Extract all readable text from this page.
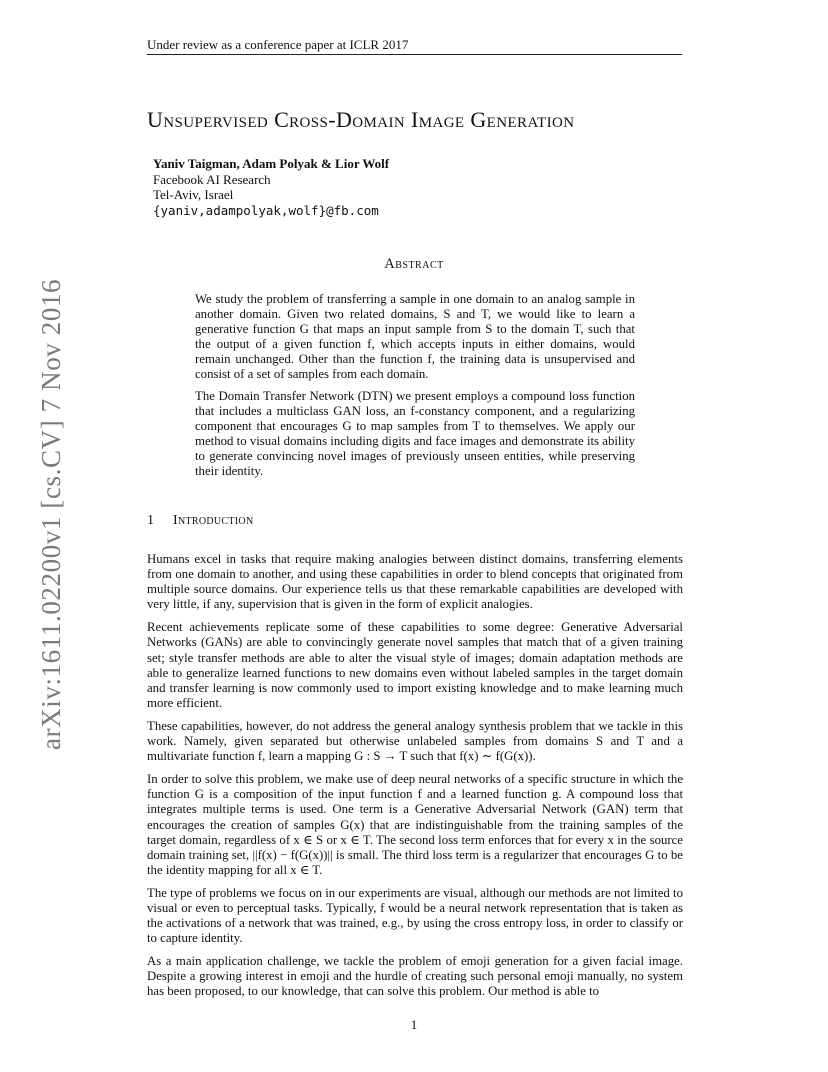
Under review as a conference paper at ICLR 2017
Unsupervised Cross-Domain Image Generation
Yaniv Taigman, Adam Polyak & Lior Wolf
Facebook AI Research
Tel-Aviv, Israel
{yaniv,adampolyak,wolf}@fb.com
Abstract

We study the problem of transferring a sample in one domain to an analog sample in another domain. Given two related domains, S and T, we would like to learn a generative function G that maps an input sample from S to the domain T, such that the output of a given function f, which accepts inputs in either domains, would remain unchanged. Other than the function f, the training data is unsupervised and consist of a set of samples from each domain.

The Domain Transfer Network (DTN) we present employs a compound loss function that includes a multiclass GAN loss, an f-constancy component, and a regularizing component that encourages G to map samples from T to themselves. We apply our method to visual domains including digits and face images and demonstrate its ability to generate convincing novel images of previously unseen entities, while preserving their identity.

1 Introduction

Humans excel in tasks that require making analogies between distinct domains, transferring elements from one domain to another, and using these capabilities in order to blend concepts that originated from multiple source domains. Our experience tells us that these remarkable capabilities are developed with very little, if any, supervision that is given in the form of explicit analogies.

Recent achievements replicate some of these capabilities to some degree: Generative Adversarial Networks (GANs) are able to convincingly generate novel samples that match that of a given training set; style transfer methods are able to alter the visual style of images; domain adaptation methods are able to generalize learned functions to new domains even without labeled samples in the target domain and transfer learning is now commonly used to import existing knowledge and to make learning much more efficient.

These capabilities, however, do not address the general analogy synthesis problem that we tackle in this work. Namely, given separated but otherwise unlabeled samples from domains S and T and a multivariate function f, learn a mapping G : S → T such that f(x) ∼ f(G(x)).

In order to solve this problem, we make use of deep neural networks of a specific structure in which the function G is a composition of the input function f and a learned function g. A compound loss that integrates multiple terms is used. One term is a Generative Adversarial Network (GAN) term that encourages the creation of samples G(x) that are indistinguishable from the training samples of the target domain, regardless of x ∈ S or x ∈ T. The second loss term enforces that for every x in the source domain training set, ||f(x) − f(G(x))|| is small. The third loss term is a regularizer that encourages G to be the identity mapping for all x ∈ T.

The type of problems we focus on in our experiments are visual, although our methods are not limited to visual or even to perceptual tasks. Typically, f would be a neural network representation that is taken as the activations of a network that was trained, e.g., by using the cross entropy loss, in order to classify or to capture identity.

As a main application challenge, we tackle the problem of emoji generation for a given facial image. Despite a growing interest in emoji and the hurdle of creating such personal emoji manually, no system has been proposed, to our knowledge, that can solve this problem. Our method is able to

1
arXiv:1611.02200v1 [cs.CV] 7 Nov 2016
